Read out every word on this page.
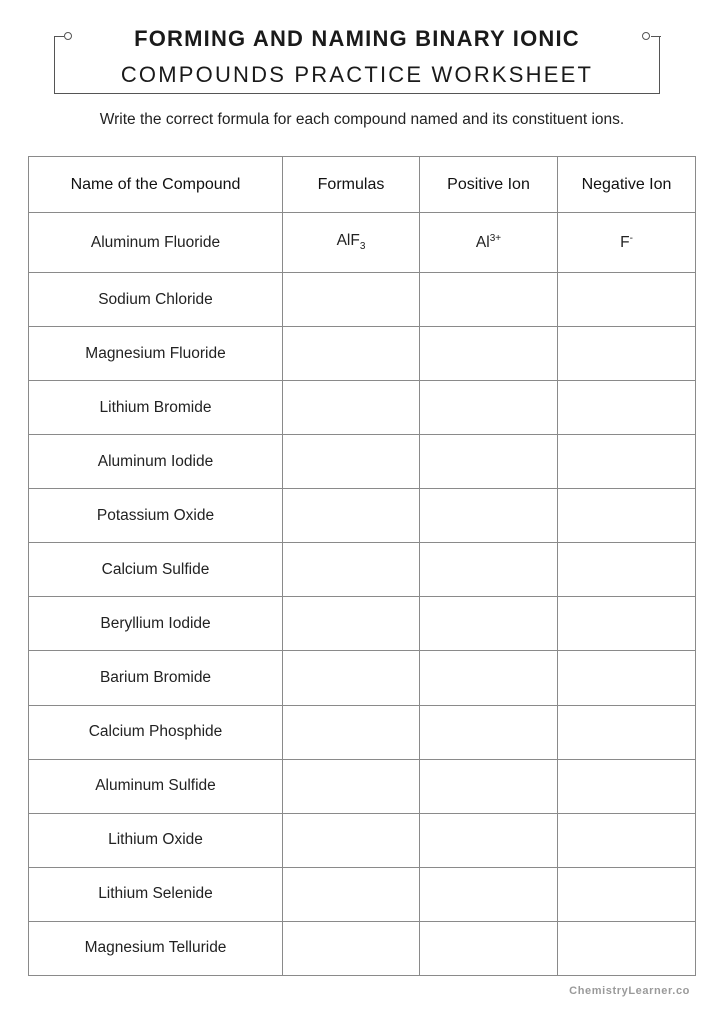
FORMING AND NAMING BINARY IONIC
COMPOUNDS PRACTICE WORKSHEET
Write the correct formula for each compound named and its constituent ions.
Name of the Compound	Formulas	Positive Ion	Negative Ion
Aluminum Fluoride	AlF$_3$	$Al^{3+}$	F-
Sodium Chloride			
Magnesium Fluoride			
Lithium Bromide			
Aluminum Iodide			
Potassium Oxide			
Calcium Sulfide			
Beryllium Iodide			
Barium Bromide			
Calcium Phosphide			
Aluminum Sulfide			
Lithium Oxide			
Lithium Selenide			
Magnesium Telluride			
ChemistryLearner.co
